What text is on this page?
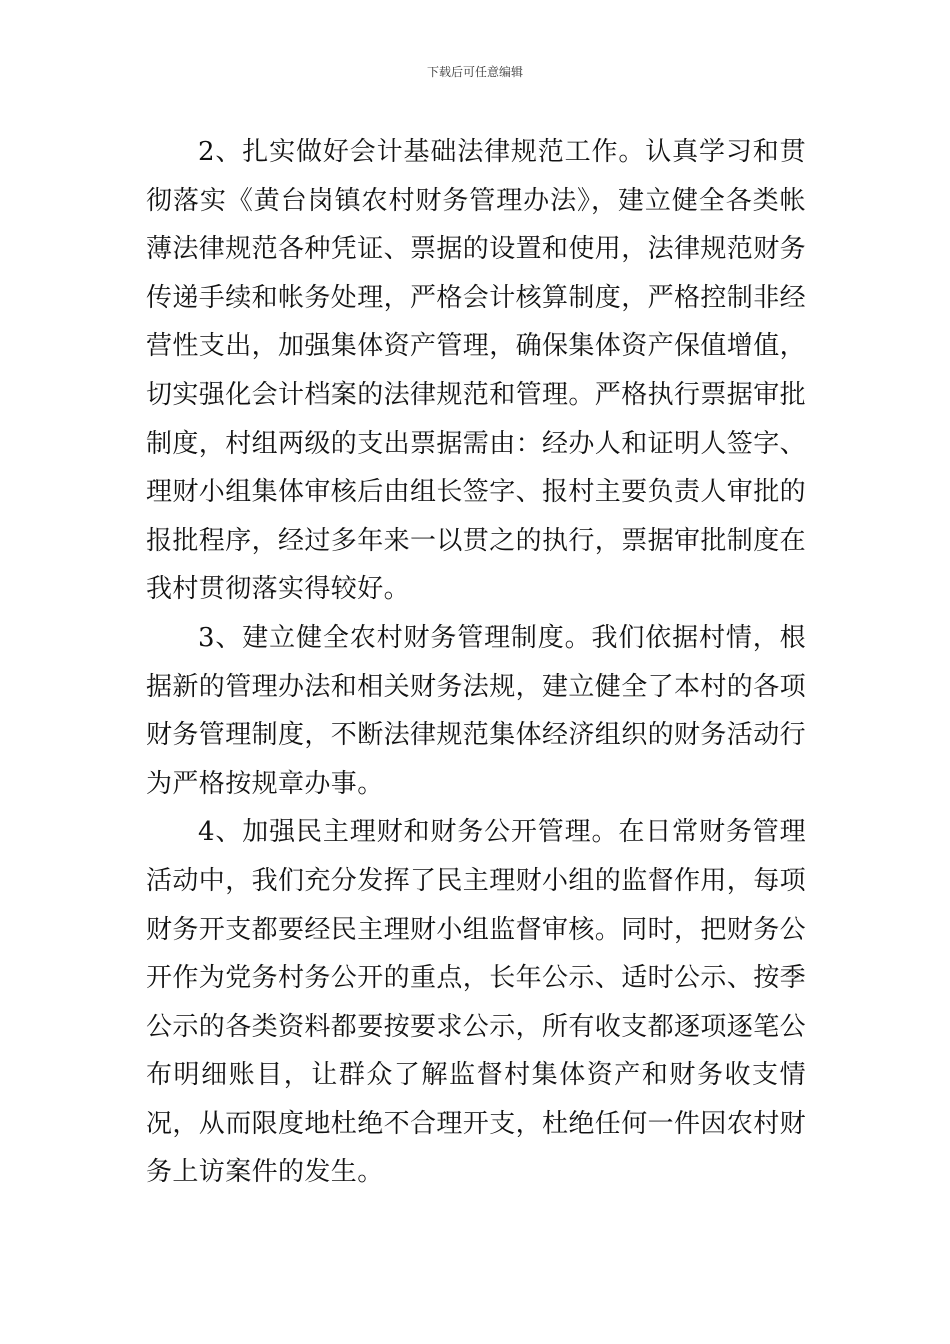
下载后可任意编辑

2、扎实做好会计基础法律规范工作。认真学习和贯彻落实《黄台岗镇农村财务管理办法》，建立健全各类帐薄法律规范各种凭证、票据的设置和使用，法律规范财务传递手续和帐务处理，严格会计核算制度，严格控制非经营性支出，加强集体资产管理，确保集体资产保值增值，切实强化会计档案的法律规范和管理。严格执行票据审批制度，村组两级的支出票据需由：经办人和证明人签字、理财小组集体审核后由组长签字、报村主要负责人审批的报批程序，经过多年来一以贯之的执行，票据审批制度在我村贯彻落实得较好。

3、建立健全农村财务管理制度。我们依据村情，根据新的管理办法和相关财务法规，建立健全了本村的各项财务管理制度，不断法律规范集体经济组织的财务活动行为严格按规章办事。

4、加强民主理财和财务公开管理。在日常财务管理活动中，我们充分发挥了民主理财小组的监督作用，每项财务开支都要经民主理财小组监督审核。同时，把财务公开作为党务村务公开的重点，长年公示、适时公示、按季公示的各类资料都要按要求公示，所有收支都逐项逐笔公布明细账目，让群众了解监督村集体资产和财务收支情况，从而限度地杜绝不合理开支，杜绝任何一件因农村财务上访案件的发生。
